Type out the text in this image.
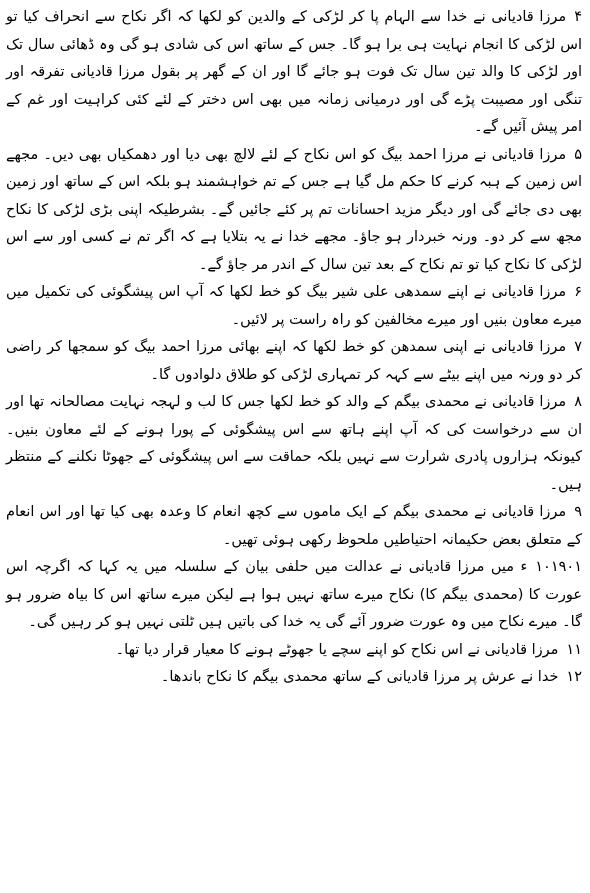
۴مرزا قادیانی نے خدا سے الہام پا کر لڑکی کے والدین کو لکھا کہ اگر نکاح سے انحراف کیا تو اس لڑکی کا انجام نہایت ہی برا ہو گا۔ جس کے ساتھ اس کی شادی ہو گی وہ ڈھائی سال تک اور لڑکی کا والد تین سال تک فوت ہو جائے گا اور ان کے گھر پر بقول مرزا قادیانی تفرقہ اور تنگی اور مصیبت پڑے گی اور درمیانی زمانہ میں بھی اس دختر کے لئے کئی کراہیت اور غم کے امر پیش آئیں گے۔

۵مرزا قادیانی نے مرزا احمد بیگ کو اس نکاح کے لئے لالچ بھی دیا اور دھمکیاں بھی دیں۔ مجھے اس زمین کے ہبہ کرنے کا حکم مل گیا ہے جس کے تم خواہشمند ہو بلکہ اس کے ساتھ اور زمین بھی دی جائے گی اور دیگر مزید احسانات تم پر کئے جائیں گے۔ بشرطیکہ اپنی بڑی لڑکی کا نکاح مجھ سے کر دو۔ ورنہ خبردار ہو جاؤ۔ مجھے خدا نے یہ بتلایا ہے کہ اگر تم نے کسی اور سے اس لڑکی کا نکاح کیا تو تم نکاح کے بعد تین سال کے اندر مر جاؤ گے۔

۶مرزا قادیانی نے اپنے سمدھی علی شیر بیگ کو خط لکھا کہ آپ اس پیشگوئی کی تکمیل میں میرے معاون بنیں اور میرے مخالفین کو راہ راست پر لائیں۔

۷مرزا قادیانی نے اپنی سمدھن کو خط لکھا کہ اپنے بھائی مرزا احمد بیگ کو سمجھا کر راضی کر دو ورنہ میں اپنے بیٹے سے کہہ کر تمہاری لڑکی کو طلاق دلوادوں گا۔

۸مرزا قادیانی نے محمدی بیگم کے والد کو خط لکھا جس کا لب و لہجہ نہایت مصالحانہ تھا اور ان سے درخواست کی کہ آپ اپنے ہاتھ سے اس پیشگوئی کے پورا ہونے کے لئے معاون بنیں۔ کیونکہ ہزاروں پادری شرارت سے نہیں بلکہ حماقت سے اس پیشگوئی کے جھوٹا نکلنے کے منتظر ہیں۔

۹مرزا قادیانی نے محمدی بیگم کے ایک ماموں سے کچھ انعام کا وعدہ بھی کیا تھا اور اس انعام کے متعلق بعض حکیمانہ احتیاطیں ملحوظ رکھی ہوئی تھیں۔

۱۰۱۹۰۱ء میں مرزا قادیانی نے عدالت میں حلفی بیان کے سلسلہ میں یہ کہا کہ اگرچہ اس عورت کا (محمدی بیگم کا) نکاح میرے ساتھ نہیں ہوا ہے لیکن میرے ساتھ اس کا بیاہ ضرور ہو گا۔ میرے نکاح میں وہ عورت ضرور آئے گی یہ خدا کی باتیں ہیں ٹلتی نہیں ہو کر رہیں گی۔

۱۱مرزا قادیانی نے اس نکاح کو اپنے سچے یا جھوٹے ہونے کا معیار قرار دیا تھا۔

۱۲خدا نے عرش پر مرزا قادیانی کے ساتھ محمدی بیگم کا نکاح باندھا۔
